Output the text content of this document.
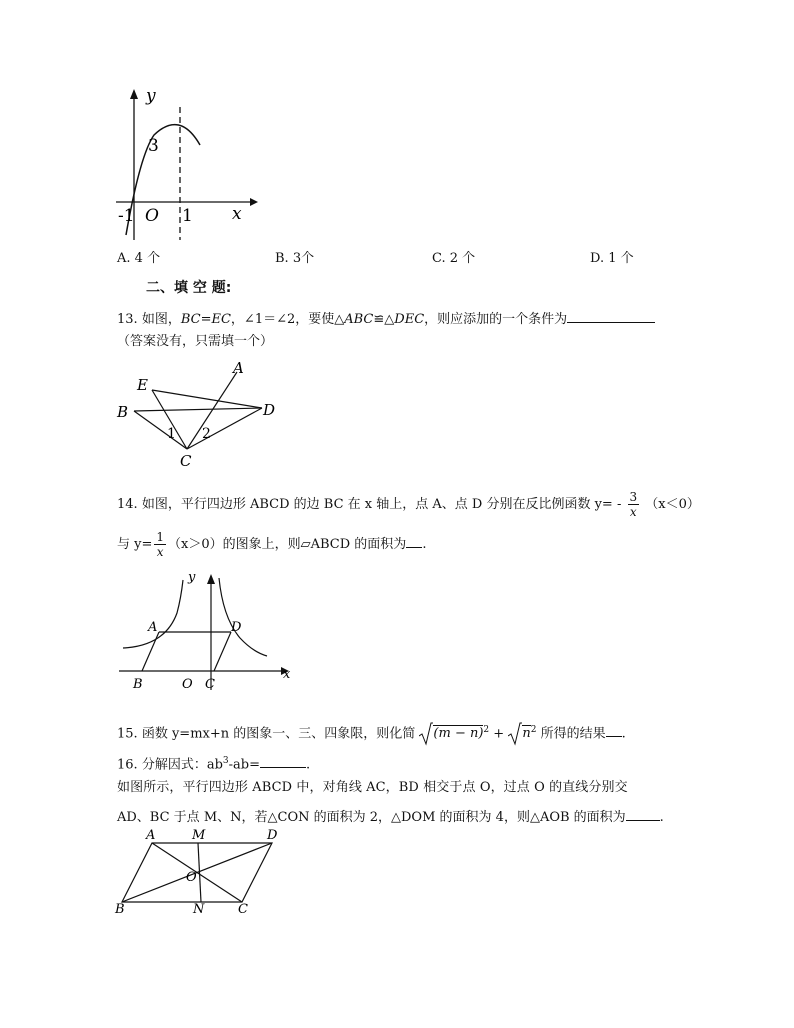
y
x
3
-1 O 1
A. 4 个	B. 3个	C. 2 个	D. 1 个
二、填 空 题:
13. 如图，BC=EC，∠1＝∠2，要使△ABC≌△DEC，则应添加的一个条件为
（答案没有，只需填一个）
E
A
B	D
C
1 2
14. 如图，平行四边形 ABCD 的边 BC 在 x 轴上，点 A、点 D 分别在反比例函数 $y= - \frac{3}{x} (x<0)$
与 $y= \frac{1}{x} (x>0)$的图象上，则▱ABCD 的面积为 .
y
x
A	D
B	O C
15. 函数 y=mx+n 的图象一、三、四象限，则化简 $(m - n)^2 + n^2$ 所得的结果 .
16. 分解因式：$ab^3-ab=$	.
如图所示，平行四边形 ABCD 中，对角线 AC，BD 相交于点 O，过点 O 的直线分别交
AD、BC 于点 M、N，若△CON 的面积为 2，△DOM 的面积为 4，则△AOB 的面积为	.
A	M	D
O
B	N	C
